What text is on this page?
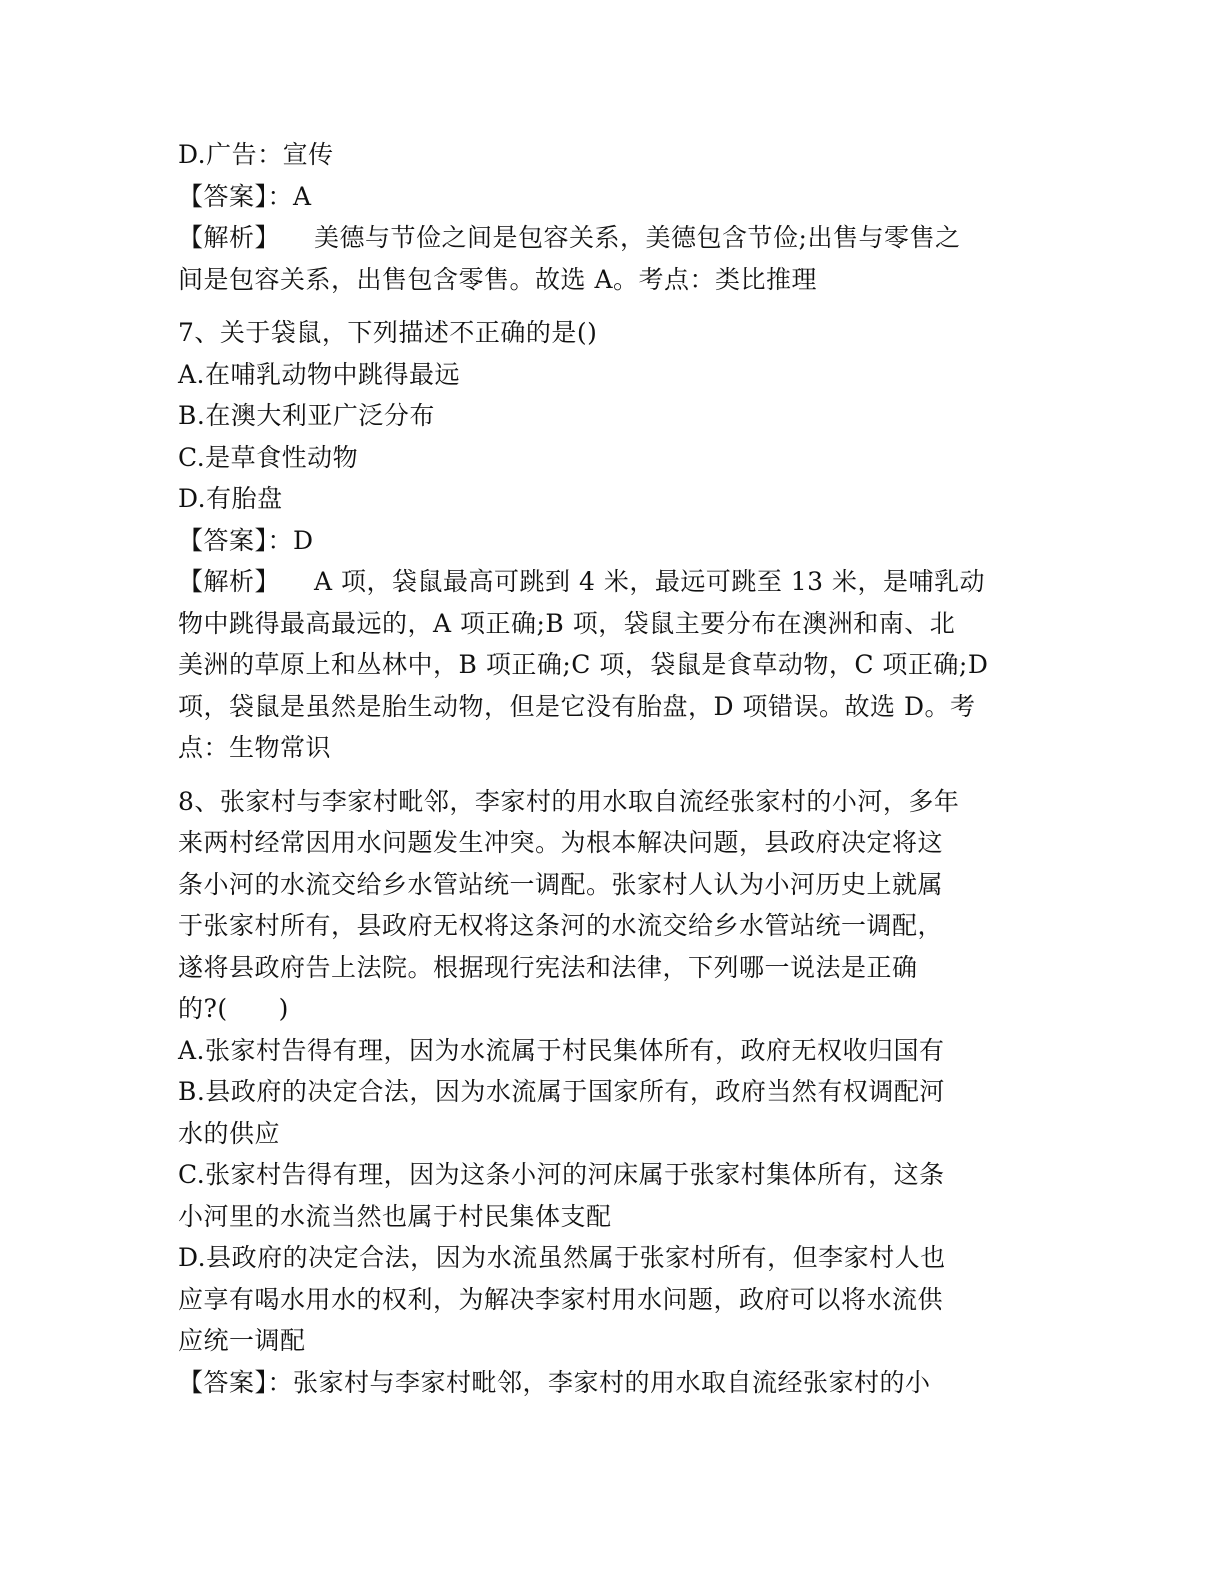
D.广告：宣传
【答案】：A
【解析】 美德与节俭之间是包容关系，美德包含节俭;出售与零售之
间是包容关系，出售包含零售。故选 A。考点：类比推理
7、关于袋鼠，下列描述不正确的是()
A.在哺乳动物中跳得最远
B.在澳大利亚广泛分布
C.是草食性动物
D.有胎盘
【答案】：D
【解析】 A 项，袋鼠最高可跳到 4 米，最远可跳至 13 米，是哺乳动
物中跳得最高最远的，A 项正确;B 项，袋鼠主要分布在澳洲和南、北
美洲的草原上和丛林中，B 项正确;C 项，袋鼠是食草动物，C 项正确;D
项，袋鼠是虽然是胎生动物，但是它没有胎盘，D 项错误。故选 D。考
点：生物常识
8、张家村与李家村毗邻，李家村的用水取自流经张家村的小河，多年
来两村经常因用水问题发生冲突。为根本解决问题，县政府决定将这
条小河的水流交给乡水管站统一调配。张家村人认为小河历史上就属
于张家村所有，县政府无权将这条河的水流交给乡水管站统一调配，
遂将县政府告上法院。根据现行宪法和法律，下列哪一说法是正确
的?(　　)
A.张家村告得有理，因为水流属于村民集体所有，政府无权收归国有
B.县政府的决定合法，因为水流属于国家所有，政府当然有权调配河
水的供应
C.张家村告得有理，因为这条小河的河床属于张家村集体所有，这条
小河里的水流当然也属于村民集体支配
D.县政府的决定合法，因为水流虽然属于张家村所有，但李家村人也
应享有喝水用水的权利，为解决李家村用水问题，政府可以将水流供
应统一调配
【答案】：张家村与李家村毗邻，李家村的用水取自流经张家村的小
